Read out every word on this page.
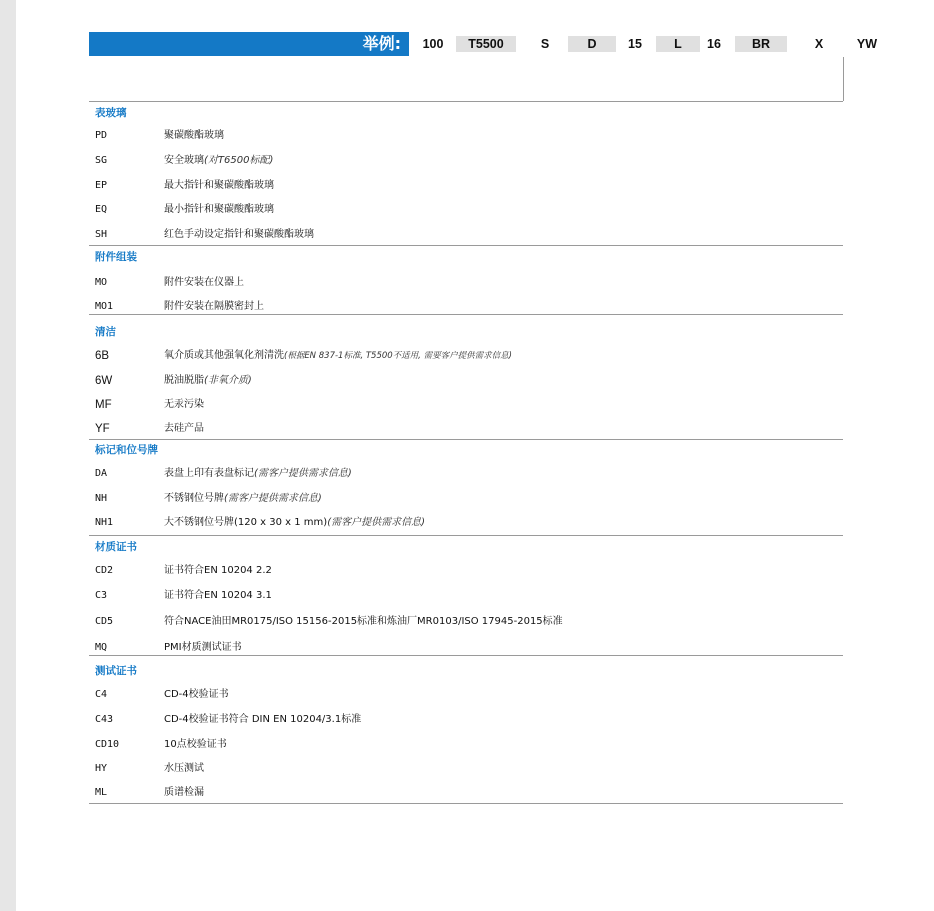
举例:	100	T5500	S	D	15	L	16	BR	X	YW
表玻璃
PD	聚碳酸酯玻璃
SG	安全玻璃(对T6500标配)
EP	最大指针和聚碳酸酯玻璃
EQ	最小指针和聚碳酸酯玻璃
SH	红色手动设定指针和聚碳酸酯玻璃
附件组装
MO	附件安装在仪器上
MO1	附件安装在隔膜密封上
清洁
6B	氧介质或其他强氧化剂清洗(根据EN 837-1标准, T5500不适用, 需要客户提供需求信息)
6W	脱油脱脂(非氧介质)
MF	无汞污染
YF	去硅产品
标记和位号牌
DA	表盘上印有表盘标记(需客户提供需求信息)
NH	不锈钢位号牌(需客户提供需求信息)
NH1	大不锈钢位号牌(120 x 30 x 1 mm)(需客户提供需求信息)
材质证书
CD2	证书符合EN 10204 2.2
C3	证书符合EN 10204 3.1
CD5	符合NACE油田MR0175/ISO 15156-2015标准和炼油厂MR0103/ISO 17945-2015标准
MQ	PMI材质测试证书
测试证书
C4	CD-4校验证书
C43	CD-4校验证书符合 DIN EN 10204/3.1标准
CD10	10点校验证书
HY	水压测试
ML	质谱检漏
